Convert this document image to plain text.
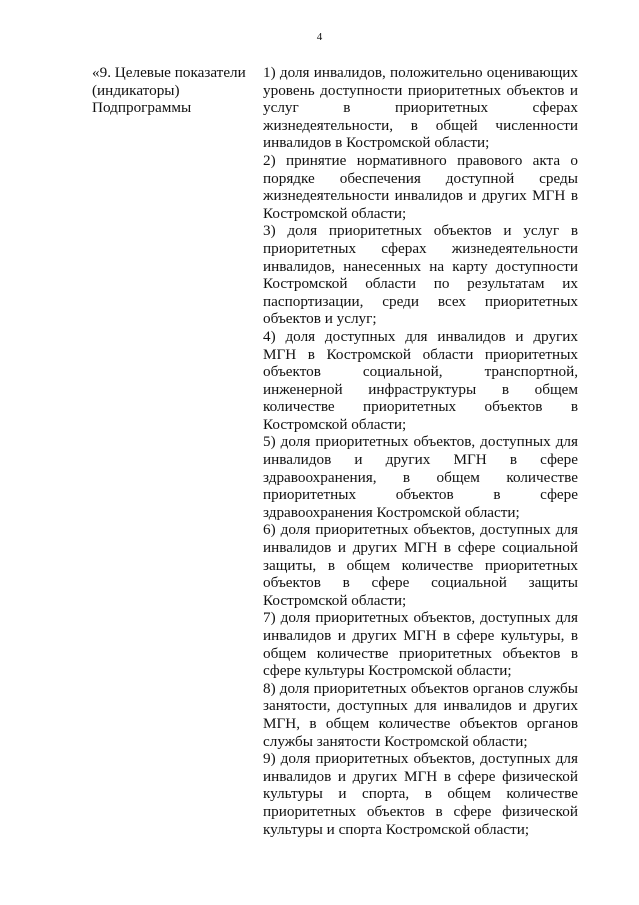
4
«9. Целевые показатели
(индикаторы)
Подпрограммы
1) доля инвалидов, положительно оценивающих
уровень доступности приоритетных объектов и
услуг в приоритетных сферах
жизнедеятельности, в общей численности
инвалидов в Костромской области;
2) принятие нормативного правового акта о
порядке обеспечения доступной среды
жизнедеятельности инвалидов и других МГН в
Костромской области;
3) доля приоритетных объектов и услуг в
приоритетных сферах жизнедеятельности
инвалидов, нанесенных на карту доступности
Костромской области по результатам их
паспортизации, среди всех приоритетных
объектов и услуг;
4) доля доступных для инвалидов и других
МГН в Костромской области приоритетных
объектов социальной, транспортной,
инженерной инфраструктуры в общем
количестве приоритетных объектов в
Костромской области;
5) доля приоритетных объектов, доступных для
инвалидов и других МГН в сфере
здравоохранения, в общем количестве
приоритетных объектов в сфере
здравоохранения Костромской области;
6) доля приоритетных объектов, доступных для
инвалидов и других МГН в сфере социальной
защиты, в общем количестве приоритетных
объектов в сфере социальной защиты
Костромской области;
7) доля приоритетных объектов, доступных для
инвалидов и других МГН в сфере культуры, в
общем количестве приоритетных объектов в
сфере культуры Костромской области;
8) доля приоритетных объектов органов службы
занятости, доступных для инвалидов и других
МГН, в общем количестве объектов органов
службы занятости Костромской области;
9) доля приоритетных объектов, доступных для
инвалидов и других МГН в сфере физической
культуры и спорта, в общем количестве
приоритетных объектов в сфере физической
культуры и спорта Костромской области;
